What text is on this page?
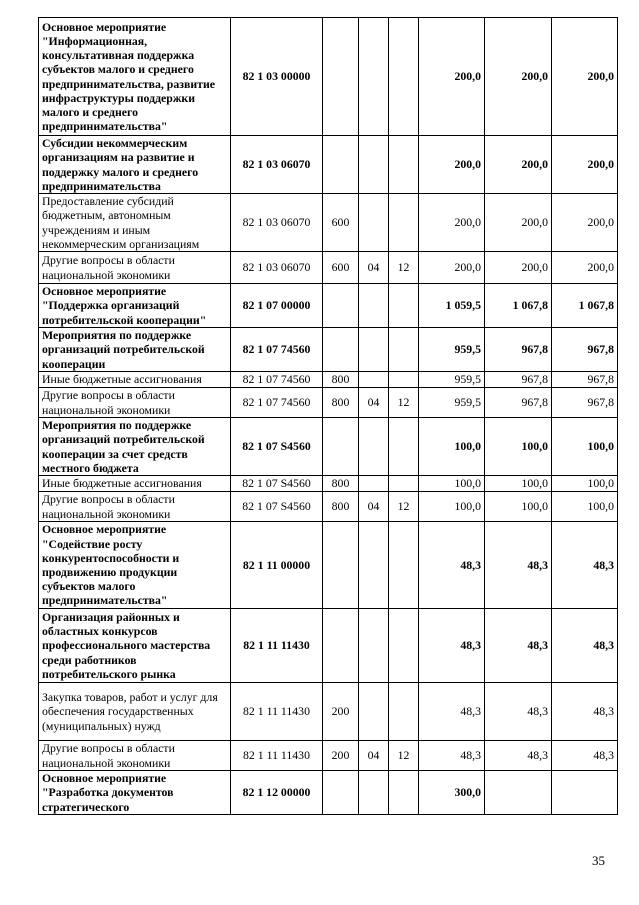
Основное мероприятие "Информационная, консультативная поддержка субъектов малого и среднего предпринимательства, развитие инфраструктуры поддержки малого и среднего предпринимательства"	82 1 03 00000				200,0	200,0	200,0
Субсидии некоммерческим организациям на развитие и поддержку малого и среднего предпринимательства	82 1 03 06070				200,0	200,0	200,0
Предоставление субсидий бюджетным, автономным учреждениям и иным некоммерческим организациям	82 1 03 06070	600			200,0	200,0	200,0
Другие вопросы в области национальной экономики	82 1 03 06070	600	04	12	200,0	200,0	200,0
Основное мероприятие "Поддержка организаций потребительской кооперации"	82 1 07 00000				1 059,5	1 067,8	1 067,8
Мероприятия по поддержке организаций потребительской кооперации	82 1 07 74560				959,5	967,8	967,8
Иные бюджетные ассигнования	82 1 07 74560	800			959,5	967,8	967,8
Другие вопросы в области национальной экономики	82 1 07 74560	800	04	12	959,5	967,8	967,8
Мероприятия по поддержке организаций потребительской кооперации за счет средств местного бюджета	82 1 07 S4560				100,0	100,0	100,0
Иные бюджетные ассигнования	82 1 07 S4560	800			100,0	100,0	100,0
Другие вопросы в области национальной экономики	82 1 07 S4560	800	04	12	100,0	100,0	100,0
Основное мероприятие "Содействие росту конкурентоспособности и продвижению продукции субъектов малого предпринимательства"	82 1 11 00000				48,3	48,3	48,3
Организация районных и областных конкурсов профессионального мастерства среди работников потребительского рынка	82 1 11 11430				48,3	48,3	48,3
Закупка товаров, работ и услуг для обеспечения государственных (муниципальных) нужд	82 1 11 11430	200			48,3	48,3	48,3
Другие вопросы в области национальной экономики	82 1 11 11430	200	04	12	48,3	48,3	48,3
Основное мероприятие "Разработка документов стратегического	82 1 12 00000				300,0		
35
